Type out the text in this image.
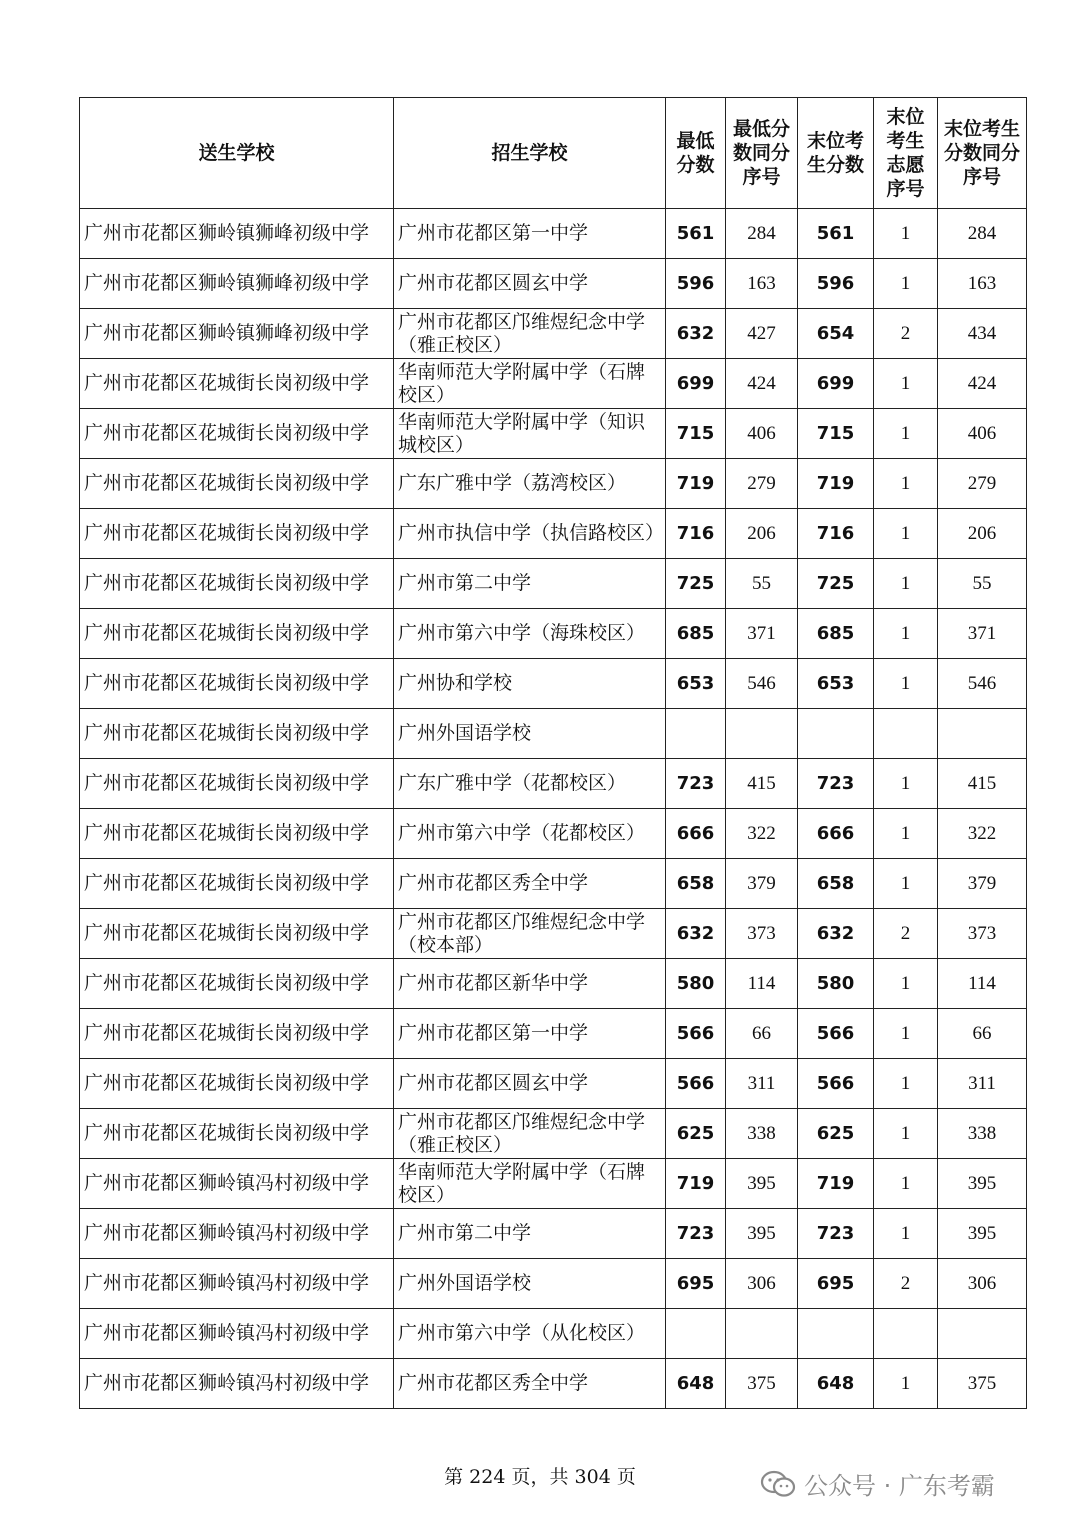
送生学校	招生学校	最低分数	最低分数同分序号	末位考生分数	末位考生志愿序号	末位考生分数同分序号
广州市花都区狮岭镇狮峰初级中学	广州市花都区第一中学	561	284	561	1	284
广州市花都区狮岭镇狮峰初级中学	广州市花都区圆玄中学	596	163	596	1	163
广州市花都区狮岭镇狮峰初级中学	广州市花都区邝维煜纪念中学（雅正校区）	632	427	654	2	434
广州市花都区花城街长岗初级中学	华南师范大学附属中学（石牌校区）	699	424	699	1	424
广州市花都区花城街长岗初级中学	华南师范大学附属中学（知识城校区）	715	406	715	1	406
广州市花都区花城街长岗初级中学	广东广雅中学（荔湾校区）	719	279	719	1	279
广州市花都区花城街长岗初级中学	广州市执信中学（执信路校区）	716	206	716	1	206
广州市花都区花城街长岗初级中学	广州市第二中学	725	55	725	1	55
广州市花都区花城街长岗初级中学	广州市第六中学（海珠校区）	685	371	685	1	371
广州市花都区花城街长岗初级中学	广州协和学校	653	546	653	1	546
广州市花都区花城街长岗初级中学	广州外国语学校					
广州市花都区花城街长岗初级中学	广东广雅中学（花都校区）	723	415	723	1	415
广州市花都区花城街长岗初级中学	广州市第六中学（花都校区）	666	322	666	1	322
广州市花都区花城街长岗初级中学	广州市花都区秀全中学	658	379	658	1	379
广州市花都区花城街长岗初级中学	广州市花都区邝维煜纪念中学（校本部）	632	373	632	2	373
广州市花都区花城街长岗初级中学	广州市花都区新华中学	580	114	580	1	114
广州市花都区花城街长岗初级中学	广州市花都区第一中学	566	66	566	1	66
广州市花都区花城街长岗初级中学	广州市花都区圆玄中学	566	311	566	1	311
广州市花都区花城街长岗初级中学	广州市花都区邝维煜纪念中学（雅正校区）	625	338	625	1	338
广州市花都区狮岭镇冯村初级中学	华南师范大学附属中学（石牌校区）	719	395	719	1	395
广州市花都区狮岭镇冯村初级中学	广州市第二中学	723	395	723	1	395
广州市花都区狮岭镇冯村初级中学	广州外国语学校	695	306	695	2	306
广州市花都区狮岭镇冯村初级中学	广州市第六中学（从化校区）					
广州市花都区狮岭镇冯村初级中学	广州市花都区秀全中学	648	375	648	1	375
第 224 页，共 304 页	公众号 · 广东考霸
